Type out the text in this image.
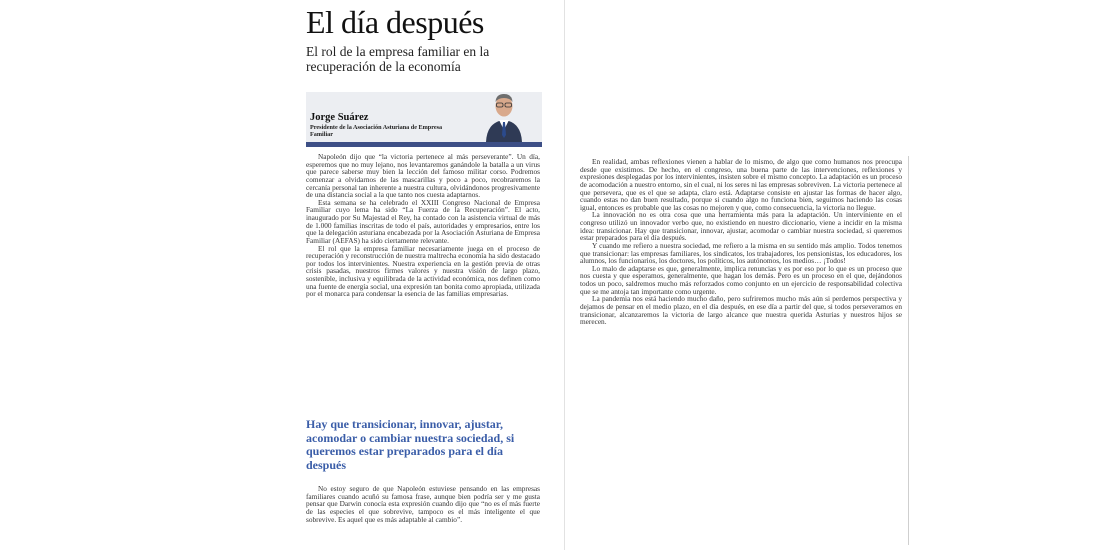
El día después
El rol de la empresa familiar en la recuperación de la economía
Jorge Suárez
Presidente de la Asociación Asturiana de Empresa Familiar

Napoleón dijo que “la victoria pertenece al más perseverante”. Un día, esperemos que no muy lejano, nos levantaremos ganándole la batalla a un virus que parece saberse muy bien la lección del famoso militar corso. Podremos comenzar a olvidarnos de las mascarillas y poco a poco, recobraremos la cercanía personal tan inherente a nuestra cultura, olvidándonos progresivamente de una distancia social a la que tanto nos cuesta adaptarnos.

Esta semana se ha celebrado el XXIII Congreso Nacional de Empresa Familiar cuyo lema ha sido “La Fuerza de la Recuperación”. El acto, inaugurado por Su Majestad el Rey, ha contado con la asistencia virtual de más de 1.000 familias inscritas de todo el país, autoridades y empresarios, entre los que la delegación asturiana encabezada por la Asociación Asturiana de Empresa Familiar (AEFAS) ha sido ciertamente relevante.

El rol que la empresa familiar necesariamente juega en el proceso de recuperación y reconstrucción de nuestra maltrecha economía ha sido destacado por todos los intervinientes. Nuestra experiencia en la gestión previa de otras crisis pasadas, nuestros firmes valores y nuestra visión de largo plazo, sostenible, inclusiva y equilibrada de la actividad económica, nos definen como una fuente de energía social, una expresión tan bonita como apropiada, utilizada por el monarca para condensar la esencia de las familias empresarias.

Hay que transicionar, innovar, ajustar, acomodar o cambiar nuestra sociedad, si queremos estar preparados para el día después

No estoy seguro de que Napoleón estuviese pensando en las empresas familiares cuando acuñó su famosa frase, aunque bien podría ser y me gusta pensar que Darwin conocía esta expresión cuando dijo que “no es el más fuerte de las especies el que sobrevive, tampoco es el más inteligente el que sobrevive. Es aquel que es más adaptable al cambio”.

En realidad, ambas reflexiones vienen a hablar de lo mismo, de algo que como humanos nos preocupa desde que existimos. De hecho, en el congreso, una buena parte de las intervenciones, reflexiones y expresiones desplegadas por los intervinientes, insisten sobre el mismo concepto. La adaptación es un proceso de acomodación a nuestro entorno, sin el cual, ni los seres ni las empresas sobreviven. La victoria pertenece al que persevera, que es el que se adapta, claro está. Adaptarse consiste en ajustar las formas de hacer algo, cuando estas no dan buen resultado, porque si cuando algo no funciona bien, seguimos haciendo las cosas igual, entonces es probable que las cosas no mejoren y que, como consecuencia, la victoria no llegue.

La innovación no es otra cosa que una herramienta más para la adaptación. Un interviniente en el congreso utilizó un innovador verbo que, no existiendo en nuestro diccionario, viene a incidir en la misma idea: transicionar. Hay que transicionar, innovar, ajustar, acomodar o cambiar nuestra sociedad, si queremos estar preparados para el día después.

Y cuando me refiero a nuestra sociedad, me refiero a la misma en su sentido más amplio. Todos tenemos que transicionar: las empresas familiares, los sindicatos, los trabajadores, los pensionistas, los educadores, los alumnos, los funcionarios, los doctores, los políticos, los autónomos, los medios… ¡Todos!

Lo malo de adaptarse es que, generalmente, implica renuncias y es por eso por lo que es un proceso que nos cuesta y que esperamos, generalmente, que hagan los demás. Pero es un proceso en el que, dejándonos todos un poco, saldremos mucho más reforzados como conjunto en un ejercicio de responsabilidad colectiva que se me antoja tan importante como urgente.

La pandemia nos está haciendo mucho daño, pero sufriremos mucho más aún si perdemos perspectiva y dejamos de pensar en el medio plazo, en el día después, en ese día a partir del que, si todos perseveramos en transicionar, alcanzaremos la victoria de largo alcance que nuestra querida Asturias y nuestros hijos se merecen.
